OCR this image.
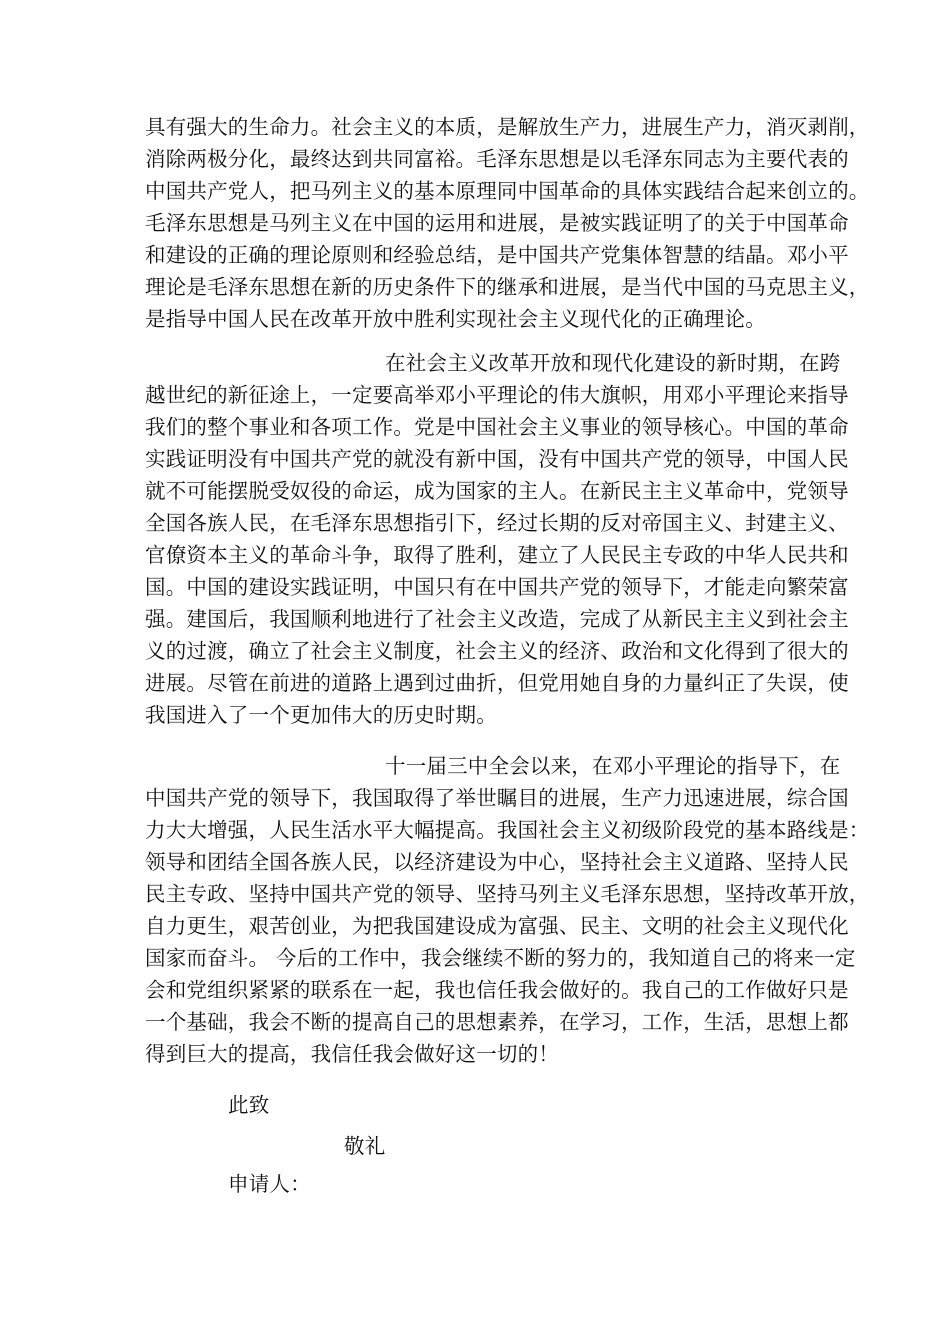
具有强大的生命力。社会主义的本质，是解放生产力，进展生产力，消灭剥削，
消除两极分化，最终达到共同富裕。毛泽东思想是以毛泽东同志为主要代表的
中国共产党人，把马列主义的基本原理同中国革命的具体实践结合起来创立的。
毛泽东思想是马列主义在中国的运用和进展，是被实践证明了的关于中国革命
和建设的正确的理论原则和经验总结，是中国共产党集体智慧的结晶。邓小平
理论是毛泽东思想在新的历史条件下的继承和进展，是当代中国的马克思主义，
是指导中国人民在改革开放中胜利实现社会主义现代化的正确理论。
在社会主义改革开放和现代化建设的新时期，在跨
越世纪的新征途上，一定要高举邓小平理论的伟大旗帜，用邓小平理论来指导
我们的整个事业和各项工作。党是中国社会主义事业的领导核心。中国的革命
实践证明没有中国共产党的就没有新中国，没有中国共产党的领导，中国人民
就不可能摆脱受奴役的命运，成为国家的主人。在新民主主义革命中，党领导
全国各族人民，在毛泽东思想指引下，经过长期的反对帝国主义、封建主义、
官僚资本主义的革命斗争，取得了胜利，建立了人民民主专政的中华人民共和
国。中国的建设实践证明，中国只有在中国共产党的领导下，才能走向繁荣富
强。建国后，我国顺利地进行了社会主义改造，完成了从新民主主义到社会主
义的过渡，确立了社会主义制度，社会主义的经济、政治和文化得到了很大的
进展。尽管在前进的道路上遇到过曲折，但党用她自身的力量纠正了失误，使
我国进入了一个更加伟大的历史时期。
十一届三中全会以来，在邓小平理论的指导下，在
中国共产党的领导下，我国取得了举世瞩目的进展，生产力迅速进展，综合国
力大大增强，人民生活水平大幅提高。我国社会主义初级阶段党的基本路线是：
领导和团结全国各族人民，以经济建设为中心，坚持社会主义道路、坚持人民
民主专政、坚持中国共产党的领导、坚持马列主义毛泽东思想，坚持改革开放，
自力更生，艰苦创业，为把我国建设成为富强、民主、文明的社会主义现代化
国家而奋斗。 今后的工作中，我会继续不断的努力的，我知道自己的将来一定
会和党组织紧紧的联系在一起，我也信任我会做好的。我自己的工作做好只是
一个基础，我会不断的提高自己的思想素养，在学习，工作，生活，思想上都
得到巨大的提高，我信任我会做好这一切的！
此致
敬礼
申请人：
